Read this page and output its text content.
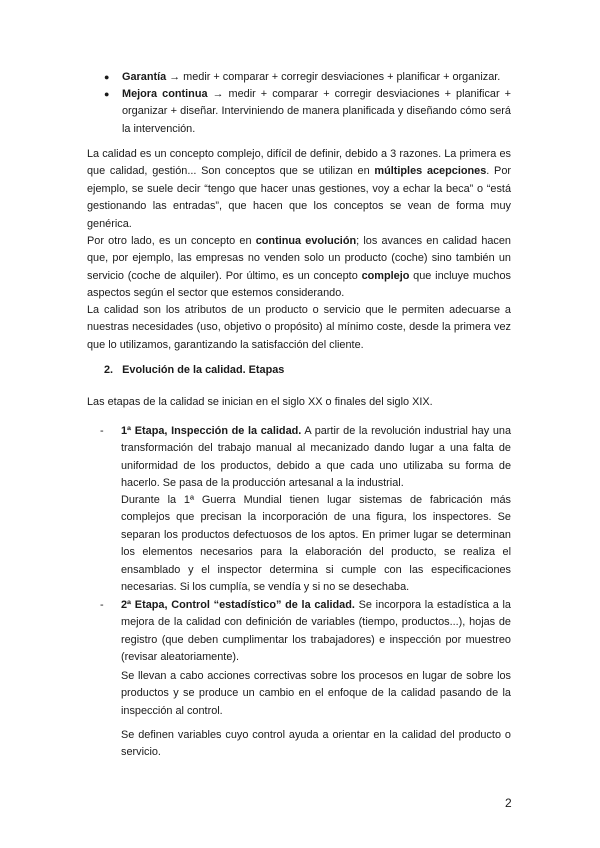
●	Garantía → medir + comparar + corregir desviaciones + planificar + organizar.

●	Mejora continua → medir + comparar + corregir desviaciones + planificar + organizar + diseñar. Interviniendo de manera planificada y diseñando cómo será la intervención.

La calidad es un concepto complejo, difícil de definir, debido a 3 razones. La primera es que calidad, gestión... Son conceptos que se utilizan en múltiples acepciones. Por ejemplo, se suele decir “tengo que hacer unas gestiones, voy a echar la beca” o “está gestionando las entradas”, que hacen que los conceptos se vean de forma muy genérica.

Por otro lado, es un concepto en continua evolución; los avances en calidad hacen que, por ejemplo, las empresas no venden solo un producto (coche) sino también un servicio (coche de alquiler). Por último, es un concepto complejo que incluye muchos aspectos según el sector que estemos considerando.

La calidad son los atributos de un producto o servicio que le permiten adecuarse a nuestras necesidades (uso, objetivo o propósito) al mínimo coste, desde la primera vez que lo utilizamos, garantizando la satisfacción del cliente.

2.   Evolución de la calidad. Etapas

Las etapas de la calidad se inician en el siglo XX o finales del siglo XIX.

- 1ª Etapa, Inspección de la calidad. A partir de la revolución industrial hay una transformación del trabajo manual al mecanizado dando lugar a una falta de uniformidad de los productos, debido a que cada uno utilizaba su forma de hacerlo. Se pasa de la producción artesanal a la industrial.

Durante la 1ª Guerra Mundial tienen lugar sistemas de fabricación más complejos que precisan la incorporación de una figura, los inspectores. Se separan los productos defectuosos de los aptos. En primer lugar se determinan los elementos necesarios para la elaboración del producto, se realiza el ensamblado y el inspector determina si cumple con las especificaciones necesarias. Si los cumplía, se vendía y si no se desechaba.

- 2ª Etapa, Control “estadístico” de la calidad. Se incorpora la estadística a la mejora de la calidad con definición de variables (tiempo, productos...), hojas de registro (que deben cumplimentar los trabajadores) e inspección por muestreo (revisar aleatoriamente).

Se llevan a cabo acciones correctivas sobre los procesos en lugar de sobre los productos y se produce un cambio en el enfoque de la calidad pasando de la inspección al control.

Se definen variables cuyo control ayuda a orientar en la calidad del producto o servicio.

2
